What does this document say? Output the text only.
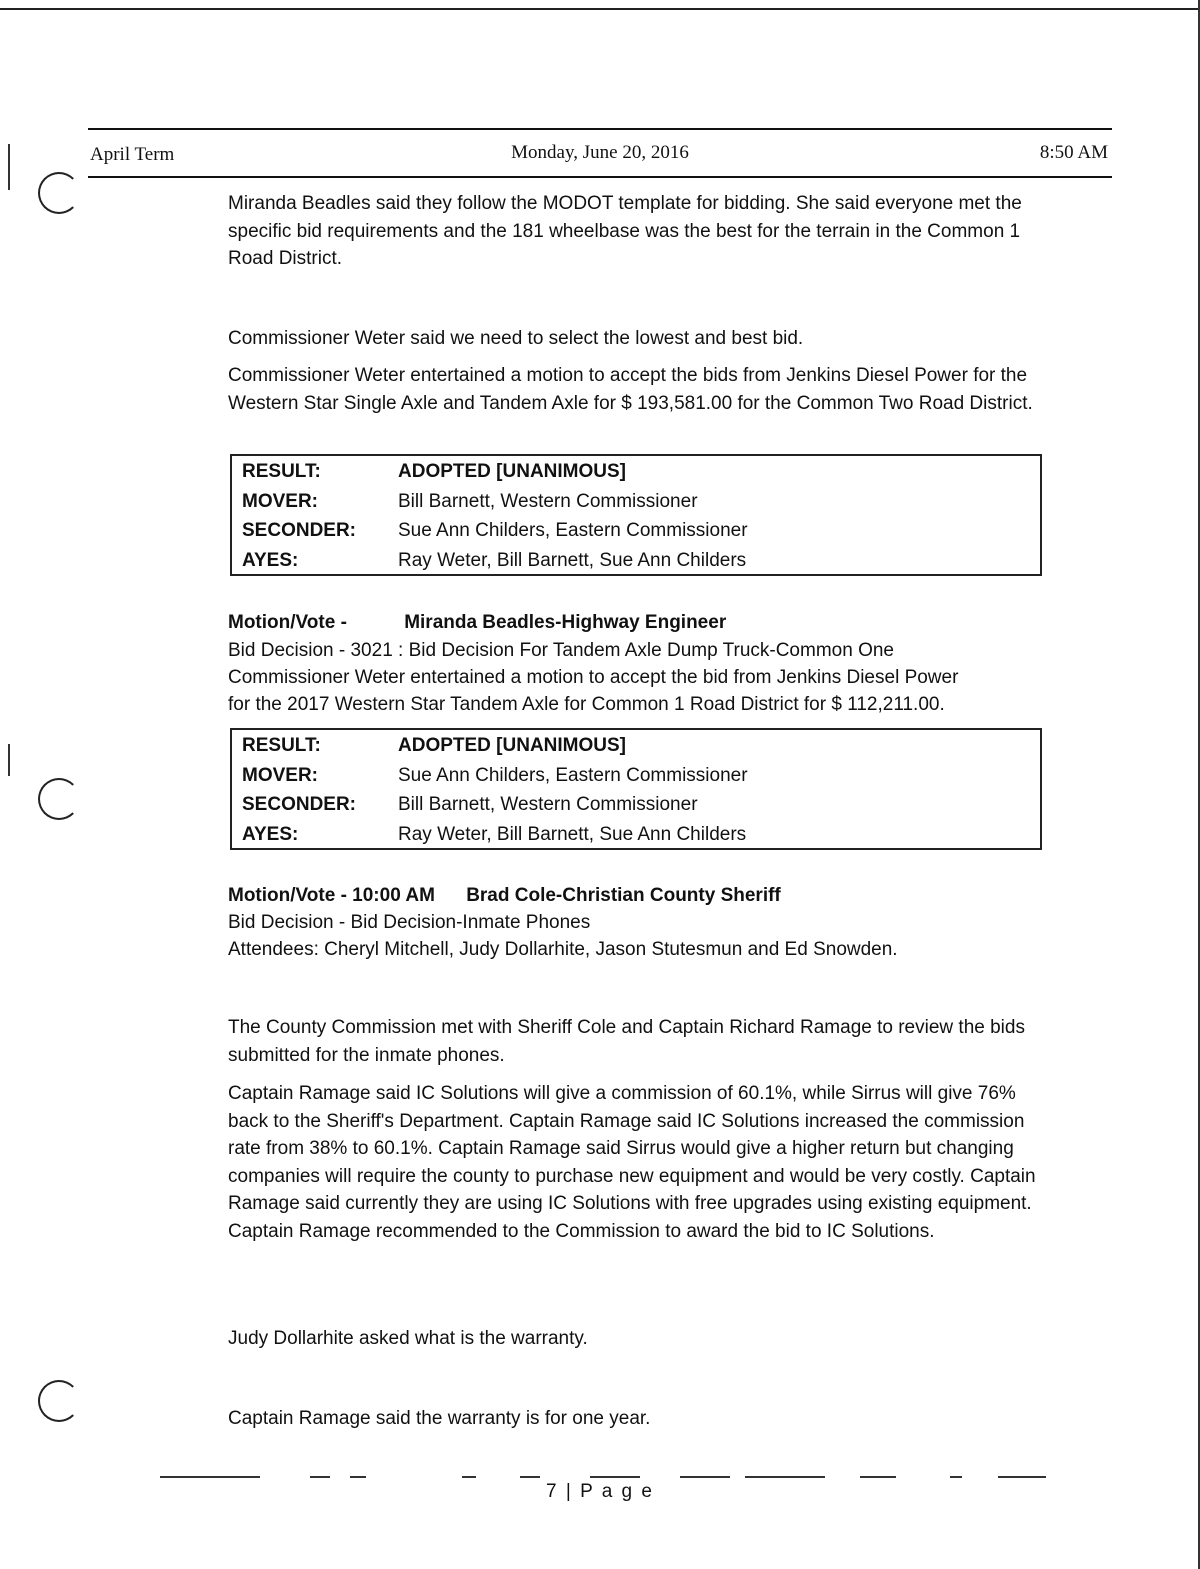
April Term	Monday, June 20, 2016	8:50 AM

Miranda Beadles said they follow the MODOT template for bidding. She said everyone met the specific bid requirements and the 181 wheelbase was the best for the terrain in the Common 1 Road District.

Commissioner Weter said we need to select the lowest and best bid.

Commissioner Weter entertained a motion to accept the bids from Jenkins Diesel Power for the Western Star Single Axle and Tandem Axle for $ 193,581.00 for the Common Two Road District.

RESULT:	ADOPTED [UNANIMOUS]
MOVER:	Bill Barnett, Western Commissioner
SECONDER: Sue Ann Childers, Eastern Commissioner
AYES:	Ray Weter, Bill Barnett, Sue Ann Childers
Motion/Vote -	Miranda Beadles-Highway Engineer
Bid Decision - 3021 : Bid Decision For Tandem Axle Dump Truck-Common One
Commissioner Weter entertained a motion to accept the bid from Jenkins Diesel Power
for the 2017 Western Star Tandem Axle for Common 1 Road District for $ 112,211.00.
RESULT:	ADOPTED [UNANIMOUS]
MOVER:	Sue Ann Childers, Eastern Commissioner
SECONDER: Bill Barnett, Western Commissioner
AYES:	Ray Weter, Bill Barnett, Sue Ann Childers
Motion/Vote - 10:00 AM Brad Cole-Christian County Sheriff
Bid Decision - Bid Decision-Inmate Phones
Attendees: Cheryl Mitchell, Judy Dollarhite, Jason Stutesmun and Ed Snowden.

The County Commission met with Sheriff Cole and Captain Richard Ramage to review the bids submitted for the inmate phones.

Captain Ramage said IC Solutions will give a commission of 60.1%, while Sirrus will give 76% back to the Sheriff's Department. Captain Ramage said IC Solutions increased the commission rate from 38% to 60.1%. Captain Ramage said Sirrus would give a higher return but changing companies will require the county to purchase new equipment and would be very costly. Captain Ramage said currently they are using IC Solutions with free upgrades using existing equipment. Captain Ramage recommended to the Commission to award the bid to IC Solutions.

Judy Dollarhite asked what is the warranty.

Captain Ramage said the warranty is for one year.

7 | P a g e
